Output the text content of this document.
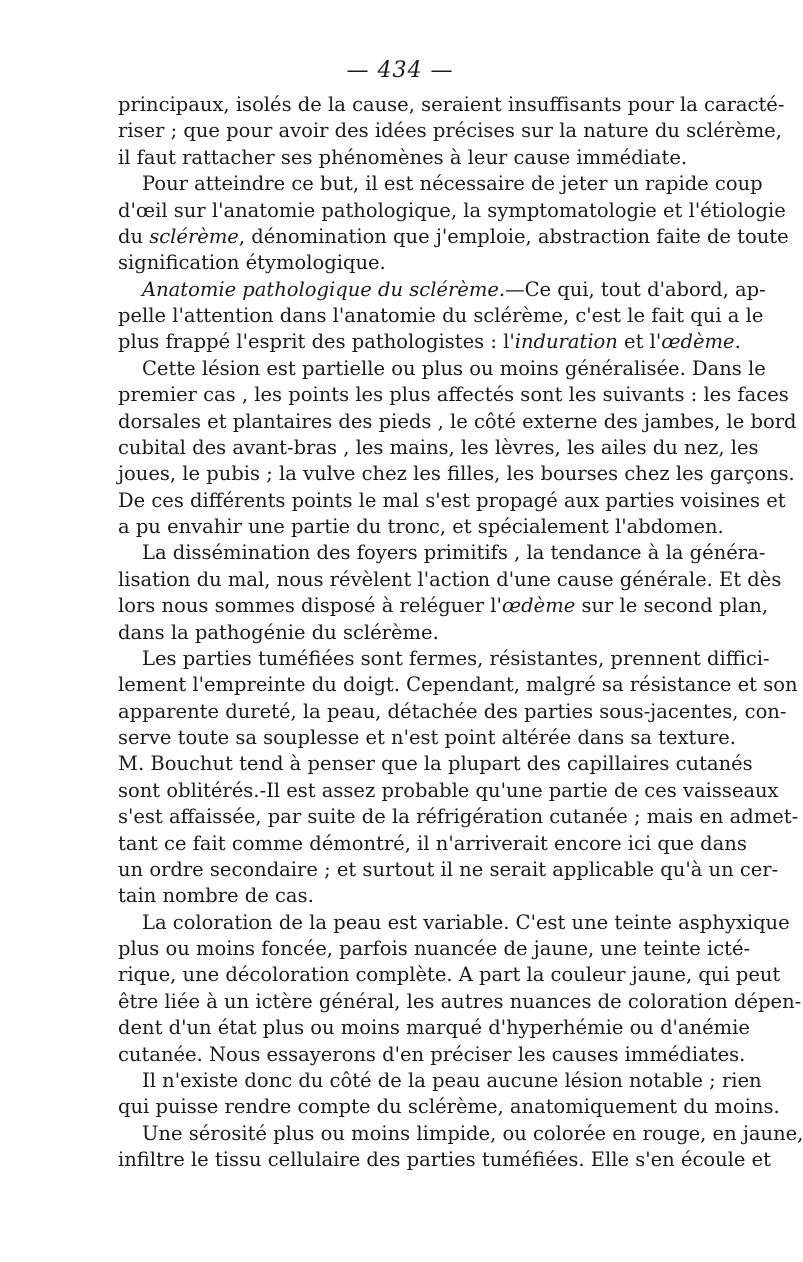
— 434 —
principaux, isolés de la cause, seraient insuffisants pour la caracté-
riser ; que pour avoir des idées précises sur la nature du sclérème,
il faut rattacher ses phénomènes à leur cause immédiate.
Pour atteindre ce but, il est nécessaire de jeter un rapide coup
d'œil sur l'anatomie pathologique, la symptomatologie et l'étiologie
du sclérème, dénomination que j'emploie, abstraction faite de toute
signification étymologique.
Anatomie pathologique du sclérème.—Ce qui, tout d'abord, ap-
pelle l'attention dans l'anatomie du sclérème, c'est le fait qui a le
plus frappé l'esprit des pathologistes : l'induration et l'œdème.
Cette lésion est partielle ou plus ou moins généralisée. Dans le
premier cas , les points les plus affectés sont les suivants : les faces
dorsales et plantaires des pieds , le côté externe des jambes, le bord
cubital des avant-bras , les mains, les lèvres, les ailes du nez, les
joues, le pubis ; la vulve chez les filles, les bourses chez les garçons.
De ces différents points le mal s'est propagé aux parties voisines et
a pu envahir une partie du tronc, et spécialement l'abdomen.
La dissémination des foyers primitifs , la tendance à la généra-
lisation du mal, nous révèlent l'action d'une cause générale. Et dès
lors nous sommes disposé à reléguer l'œdème sur le second plan,
dans la pathogénie du sclérème.
Les parties tuméfiées sont fermes, résistantes, prennent diffici-
lement l'empreinte du doigt. Cependant, malgré sa résistance et son
apparente dureté, la peau, détachée des parties sous-jacentes, con-
serve toute sa souplesse et n'est point altérée dans sa texture.
M. Bouchut tend à penser que la plupart des capillaires cutanés
sont oblitérés.-Il est assez probable qu'une partie de ces vaisseaux
s'est affaissée, par suite de la réfrigération cutanée ; mais en admet-
tant ce fait comme démontré, il n'arriverait encore ici que dans
un ordre secondaire ; et surtout il ne serait applicable qu'à un cer-
tain nombre de cas.
La coloration de la peau est variable. C'est une teinte asphyxique
plus ou moins foncée, parfois nuancée de jaune, une teinte icté-
rique, une décoloration complète. A part la couleur jaune, qui peut
être liée à un ictère général, les autres nuances de coloration dépen-
dent d'un état plus ou moins marqué d'hyperhémie ou d'anémie
cutanée. Nous essayerons d'en préciser les causes immédiates.
Il n'existe donc du côté de la peau aucune lésion notable ; rien
qui puisse rendre compte du sclérème, anatomiquement du moins.
Une sérosité plus ou moins limpide, ou colorée en rouge, en jaune,
infiltre le tissu cellulaire des parties tuméfiées. Elle s'en écoule et
